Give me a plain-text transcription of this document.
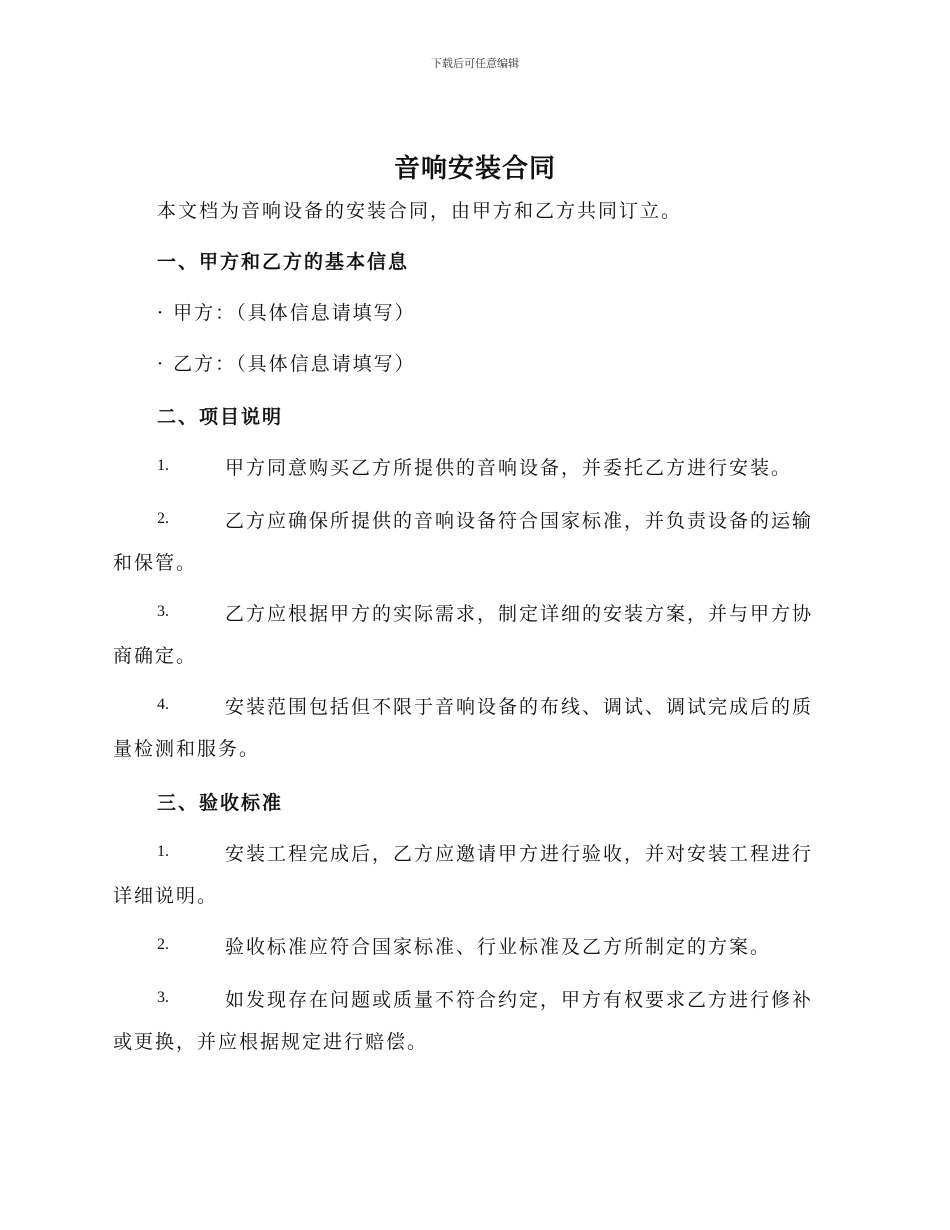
下载后可任意编辑
音响安装合同
本文档为音响设备的安装合同，由甲方和乙方共同订立。
一、甲方和乙方的基本信息
· 甲方：（具体信息请填写）
· 乙方：（具体信息请填写）
二、项目说明
1.	甲方同意购买乙方所提供的音响设备，并委托乙方进行安装。
2.	乙方应确保所提供的音响设备符合国家标准，并负责设备的运输
和保管。
3.	乙方应根据甲方的实际需求，制定详细的安装方案，并与甲方协
商确定。
4.	安装范围包括但不限于音响设备的布线、调试、调试完成后的质
量检测和服务。
三、验收标准
1.	安装工程完成后，乙方应邀请甲方进行验收，并对安装工程进行
详细说明。
2.	验收标准应符合国家标准、行业标准及乙方所制定的方案。
3.	如发现存在问题或质量不符合约定，甲方有权要求乙方进行修补
或更换，并应根据规定进行赔偿。
